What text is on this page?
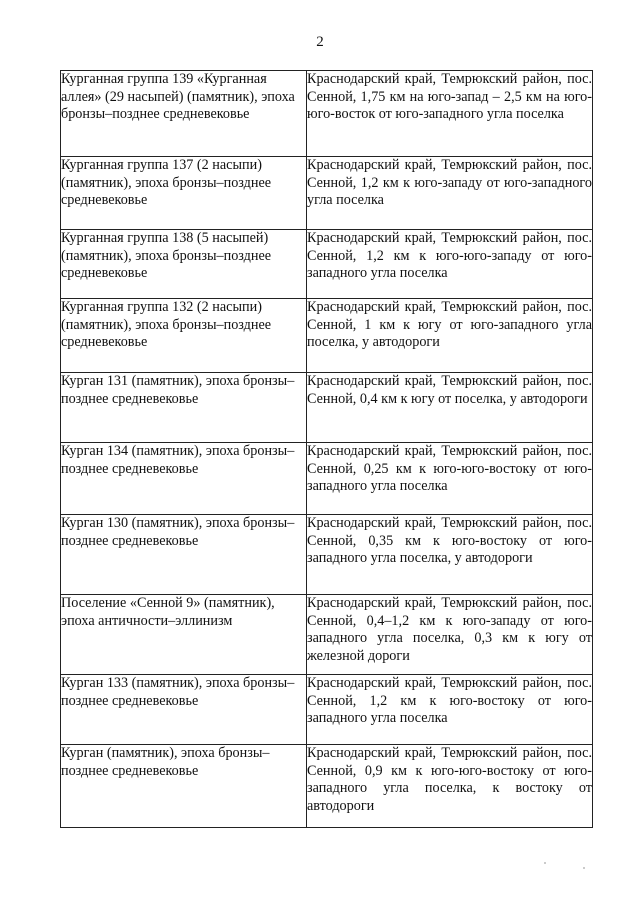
2
Курганная группа 139 «Курганная аллея» (29 насыпей) (памятник), эпоха бронзы–позднее средневековье	Краснодарский край, Темрюкский район, пос. Сенной, 1,75 км на юго-запад – 2,5 км на юго-юго-восток от юго-западного угла поселка
Курганная группа 137 (2 насыпи) (памятник), эпоха бронзы–позднее средневековье	Краснодарский край, Темрюкский район, пос. Сенной, 1,2 км к юго-западу от юго-западного угла поселка
Курганная группа 138 (5 насыпей) (памятник), эпоха бронзы–позднее средневековье	Краснодарский край, Темрюкский район, пос. Сенной, 1,2 км к юго-юго-западу от юго-западного угла поселка
Курганная группа 132 (2 насыпи) (памятник), эпоха бронзы–позднее средневековье	Краснодарский край, Темрюкский район, пос. Сенной, 1 км к югу от юго-западного угла поселка, у автодороги
Курган 131 (памятник), эпоха бронзы–позднее средневековье	Краснодарский край, Темрюкский район, пос. Сенной, 0,4 км к югу от поселка, у автодороги
Курган 134 (памятник), эпоха бронзы–позднее средневековье	Краснодарский край, Темрюкский район, пос. Сенной, 0,25 км к юго-юго-востоку от юго-западного угла поселка
Курган 130 (памятник), эпоха бронзы–позднее средневековье	Краснодарский край, Темрюкский район, пос. Сенной, 0,35 км к юго-востоку от юго-западного угла поселка, у автодороги
Поселение «Сенной 9» (памятник), эпоха античности–эллинизм	Краснодарский край, Темрюкский район, пос. Сенной, 0,4–1,2 км к юго-западу от юго-западного угла поселка, 0,3 км к югу от железной дороги
Курган 133 (памятник), эпоха бронзы–позднее средневековье	Краснодарский край, Темрюкский район, пос. Сенной, 1,2 км к юго-востоку от юго-западного угла поселка
Курган (памятник), эпоха бронзы–позднее средневековье	Краснодарский край, Темрюкский район, пос. Сенной, 0,9 км к юго-юго-востоку от юго-западного угла поселка, к востоку от автодороги
